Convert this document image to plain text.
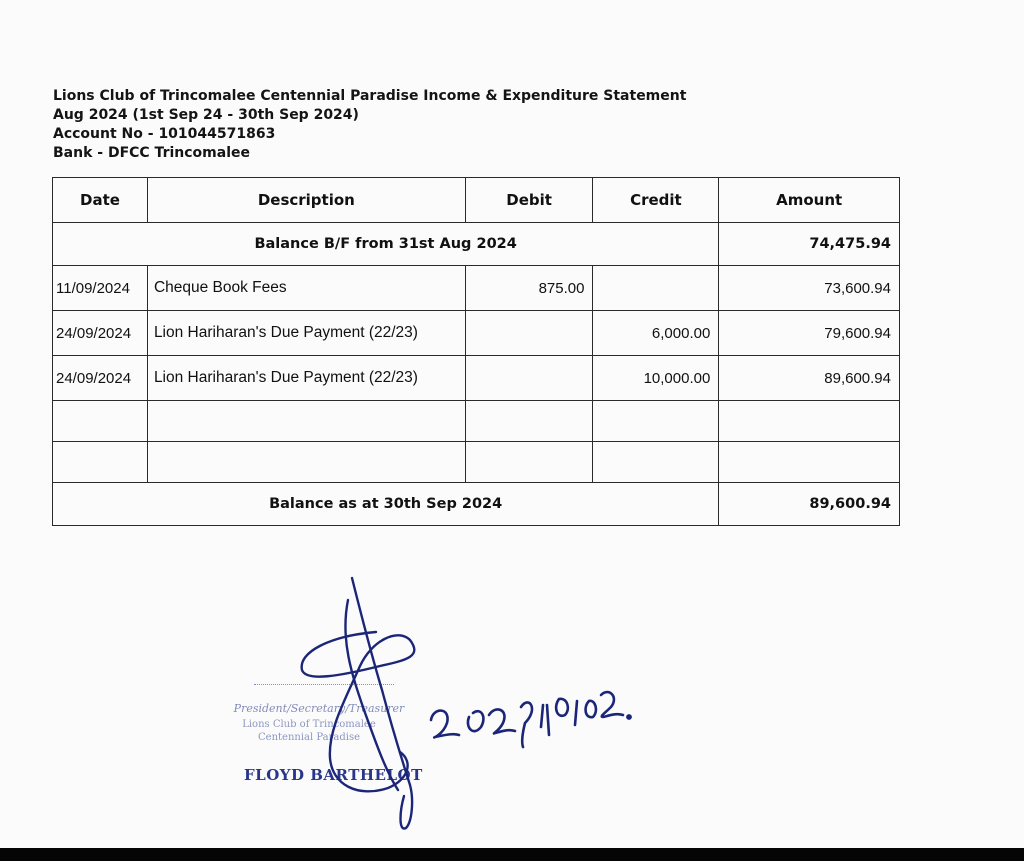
Lions Club of Trincomalee Centennial Paradise Income & Expenditure Statement
Aug 2024 (1st Sep 24 - 30th Sep 2024)
Account No - 101044571863
Bank - DFCC Trincomalee
Date	Description	Debit	Credit	Amount
Balance B/F from 31st Aug 2024				74,475.94
11/09/2024	Cheque Book Fees	875.00		73,600.94
24/09/2024	Lion Hariharan's Due Payment (22/23)		6,000.00	79,600.94
24/09/2024	Lion Hariharan's Due Payment (22/23)		10,000.00	89,600.94

Balance as at 30th Sep 2024				89,600.94
President/Secretary/Treasurer
Lions Club of Trincomalee
Centennial Paradise
FLOYD BARTHELOT
